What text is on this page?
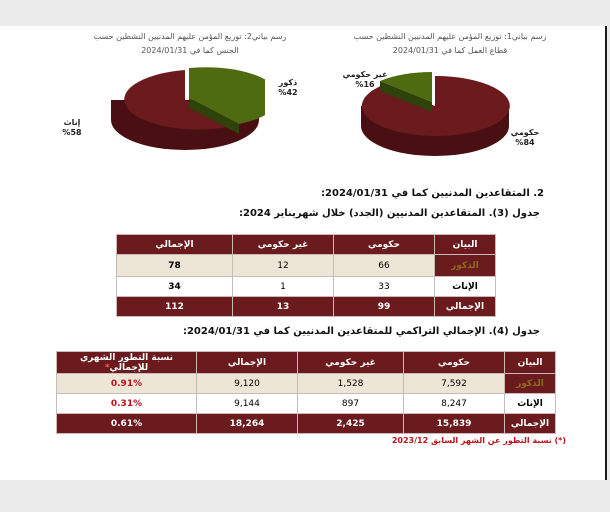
رسم بياني1: توزيع المؤمن عليهم المدنيين النشطين حسب
قطاع العمل كما في 2024/01/31
غير حكومي
%16
حكومي
%84
رسم بياني2: توزيع المؤمن عليهم المدنيين النشطين حسب
الجنس كما في 2024/01/31
ذكور
%42
إناث
%58
2. المتقاعدين المدنيين كما في 2024/01/31:
جدول (3). المتقاعدين المدنيين (الجدد) خلال شهريناير 2024:
البيان	حكومي	غير حكومي	الإجمالي
الذكور	66	12	78
الإناث	33	1	34
الإجمالي	99	13	112
جدول (4). الإجمالي التراكمي للمتقاعدين المدنيين كما في 2024/01/31:
البيان	حكومي	غير حكومي	الإجمالي	نسبة التطور الشهري للإجمالي*
الذكور	7,592	1,528	9,120	0.91%
الإناث	8,247	897	9,144	0.31%
الإجمالي	15,839	2,425	18,264	0.61%
(*) نسبة التطور عن الشهر السابق 2023/12
